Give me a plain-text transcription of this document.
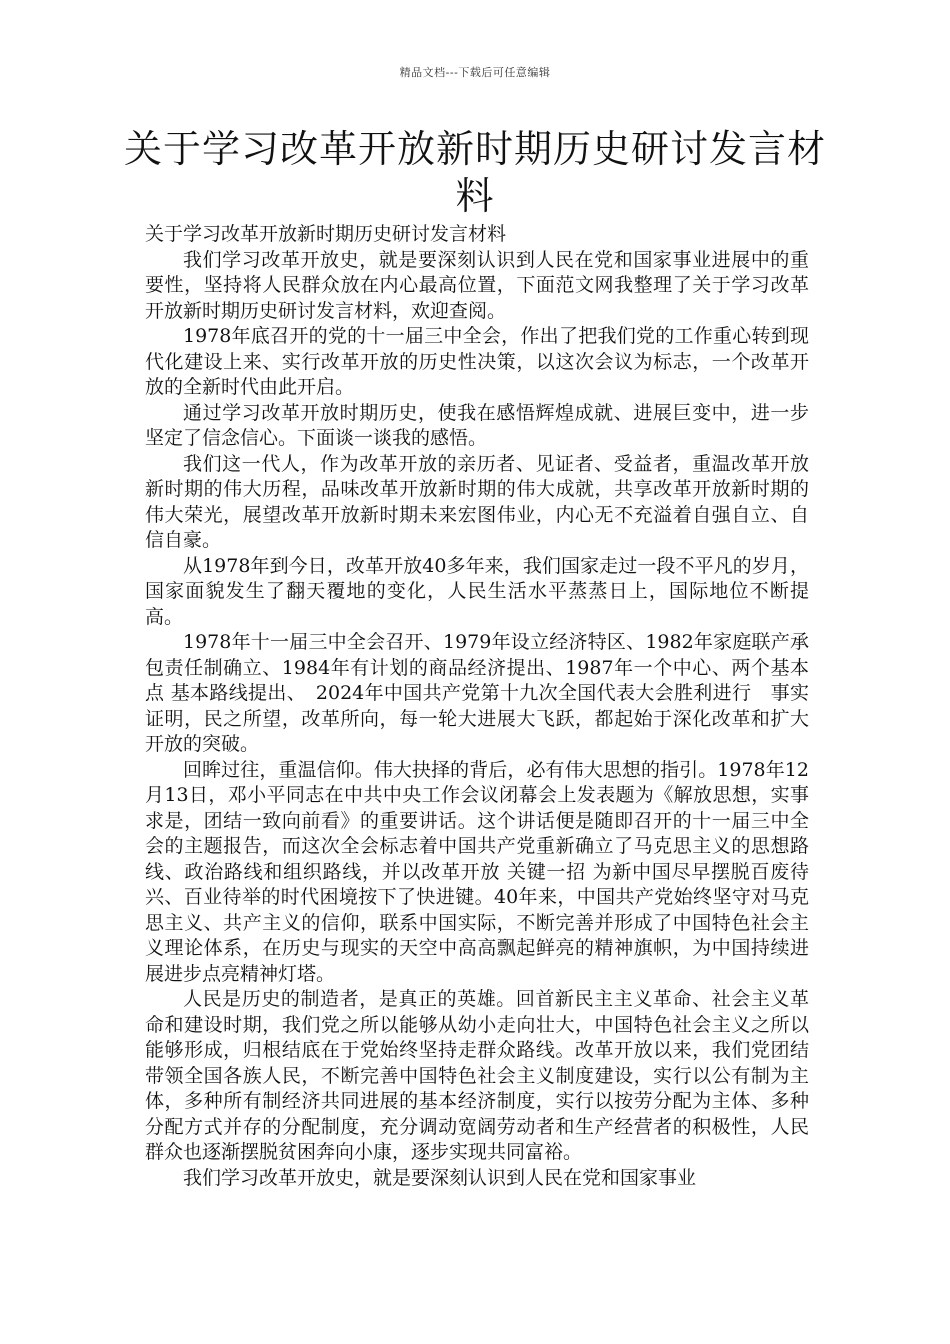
精品文档---下载后可任意编辑
关于学习改革开放新时期历史研讨发言材料

关于学习改革开放新时期历史研讨发言材料

我们学习改革开放史，就是要深刻认识到人民在党和国家事业进展中的重要性，坚持将人民群众放在内心最高位置，下面范文网我整理了关于学习改革开放新时期历史研讨发言材料，欢迎查阅。

1978年底召开的党的十一届三中全会，作出了把我们党的工作重心转到现代化建设上来、实行改革开放的历史性决策，以这次会议为标志，一个改革开放的全新时代由此开启。

通过学习改革开放时期历史，使我在感悟辉煌成就、进展巨变中，进一步坚定了信念信心。下面谈一谈我的感悟。

我们这一代人，作为改革开放的亲历者、见证者、受益者，重温改革开放新时期的伟大历程，品味改革开放新时期的伟大成就，共享改革开放新时期的伟大荣光，展望改革开放新时期未来宏图伟业，内心无不充溢着自强自立、自信自豪。

从1978年到今日，改革开放40多年来，我们国家走过一段不平凡的岁月，国家面貌发生了翻天覆地的变化，人民生活水平蒸蒸日上，国际地位不断提高。

1978年十一届三中全会召开、1979年设立经济特区、1982年家庭联产承包责任制确立、1984年有计划的商品经济提出、1987年一个中心、两个基本点 基本路线提出、　2024年中国共产党第十九次全国代表大会胜利进行　事实证明，民之所望，改革所向，每一轮大进展大飞跃，都起始于深化改革和扩大开放的突破。

回眸过往，重温信仰。伟大抉择的背后，必有伟大思想的指引。1978年12月13日，邓小平同志在中共中央工作会议闭幕会上发表题为《解放思想，实事求是，团结一致向前看》的重要讲话。这个讲话便是随即召开的十一届三中全会的主题报告，而这次全会标志着中国共产党重新确立了马克思主义的思想路线、政治路线和组织路线，并以改革开放 关键一招 为新中国尽早摆脱百废待兴、百业待举的时代困境按下了快进键。40年来，中国共产党始终坚守对马克思主义、共产主义的信仰，联系中国实际，不断完善并形成了中国特色社会主义理论体系，在历史与现实的天空中高高飘起鲜亮的精神旗帜，为中国持续进展进步点亮精神灯塔。

人民是历史的制造者，是真正的英雄。回首新民主主义革命、社会主义革命和建设时期，我们党之所以能够从幼小走向壮大，中国特色社会主义之所以能够形成，归根结底在于党始终坚持走群众路线。改革开放以来，我们党团结带领全国各族人民，不断完善中国特色社会主义制度建设，实行以公有制为主体，多种所有制经济共同进展的基本经济制度，实行以按劳分配为主体、多种分配方式并存的分配制度，充分调动宽阔劳动者和生产经营者的积极性，人民群众也逐渐摆脱贫困奔向小康，逐步实现共同富裕。

我们学习改革开放史，就是要深刻认识到人民在党和国家事业
